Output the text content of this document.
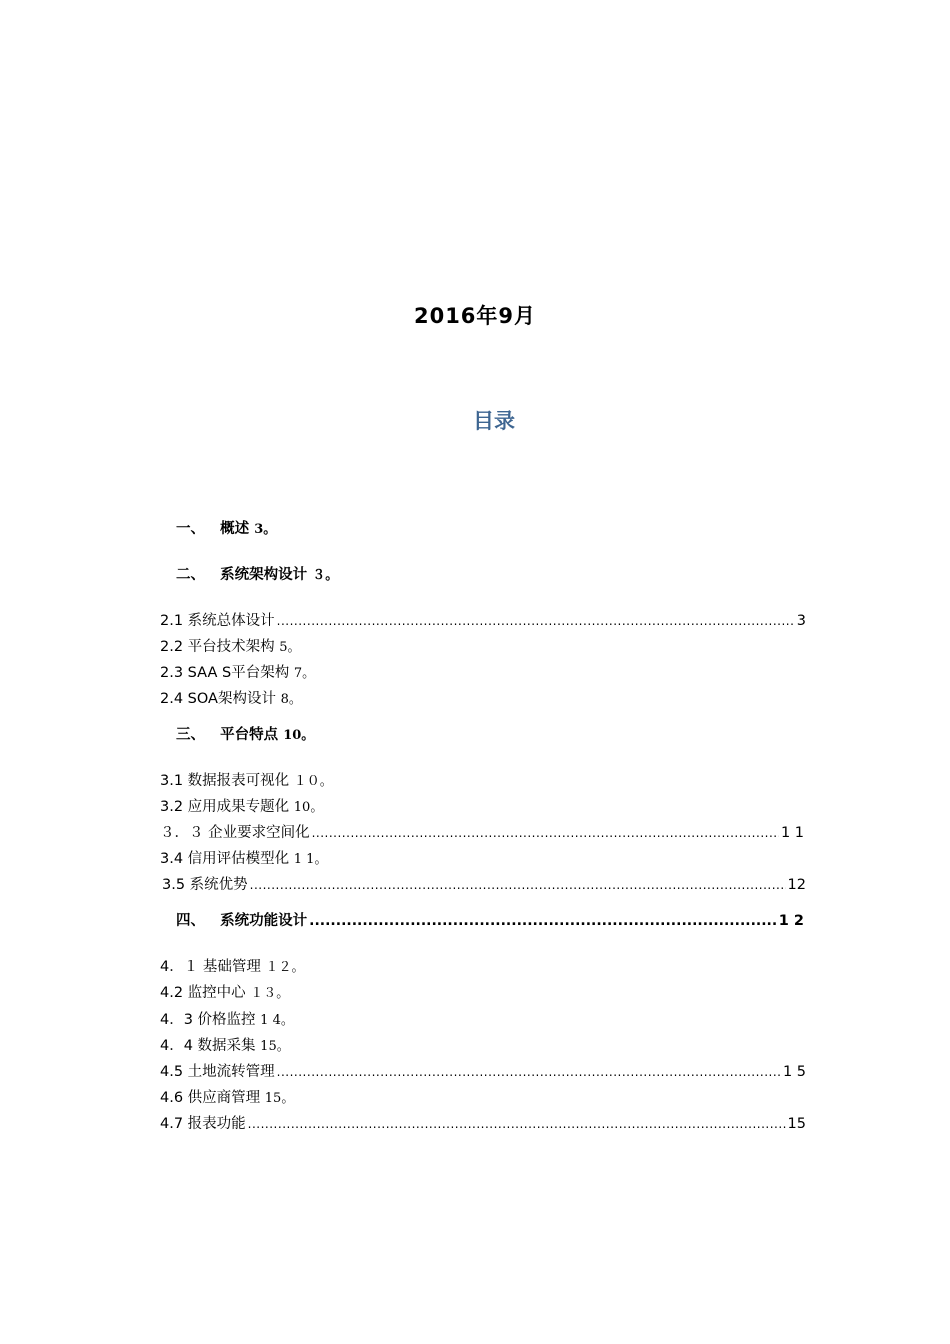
2016年9月
目录
一、 概述 3。
二、 系统架构设计 ３。
2.1 系统总体设计 .....	3
2.2 平台技术架构 5。
2.3 SAA S平台架构 7。
2.4 SOA架构设计 8。
三、 平台特点 10。
3.1 数据报表可视化 １０。
3.2 应用成果专题化 10。
３．３ 企业要求空间化 .....	1 1
3.4 信用评估模型化 1 1。
3.5 系统优势 .....	12
四、 系统功能设计 .....	1 2
4．１ 基础管理 １２。
4.2 监控中心 １３。
4．3 价格监控 1 4。
4．4 数据采集 15。
4.5 土地流转管理 .....	1 5
4.6 供应商管理 15。
4.7 报表功能 .....	15
